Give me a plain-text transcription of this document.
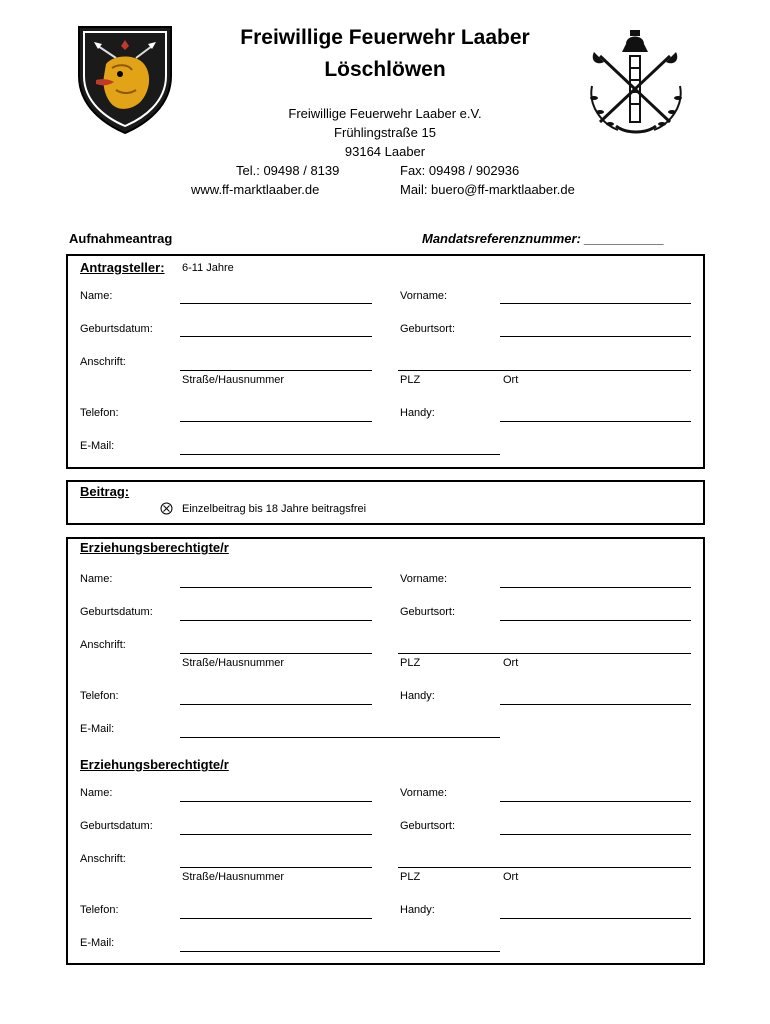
Freiwillige Feuerwehr Laaber
Löschlöwen
Freiwillige Feuerwehr Laaber e.V.
Frühlingstraße 15
93164 Laaber
Tel.: 09498 / 8139	Fax: 09498 / 902936
www.ff-marktlaaber.de	Mail: buero@ff-marktlaaber.de
Aufnahmeantrag	Mandatsreferenznummer: ___________
Antragsteller: 6-11 Jahre
Name:	Vorname:
Geburtsdatum:	Geburtsort:
Anschrift:
Straße/Hausnummer	PLZ	Ort
Telefon:	Handy:
E-Mail:
Beitrag:
Einzelbeitrag bis 18 Jahre beitragsfrei
Erziehungsberechtigte/r
Name:	Vorname:
Geburtsdatum:	Geburtsort:
Anschrift:
Straße/Hausnummer	PLZ	Ort
Telefon:	Handy:
E-Mail:
Erziehungsberechtigte/r
Name:	Vorname:
Geburtsdatum:	Geburtsort:
Anschrift:
Straße/Hausnummer	PLZ	Ort
Telefon:	Handy:
E-Mail:
